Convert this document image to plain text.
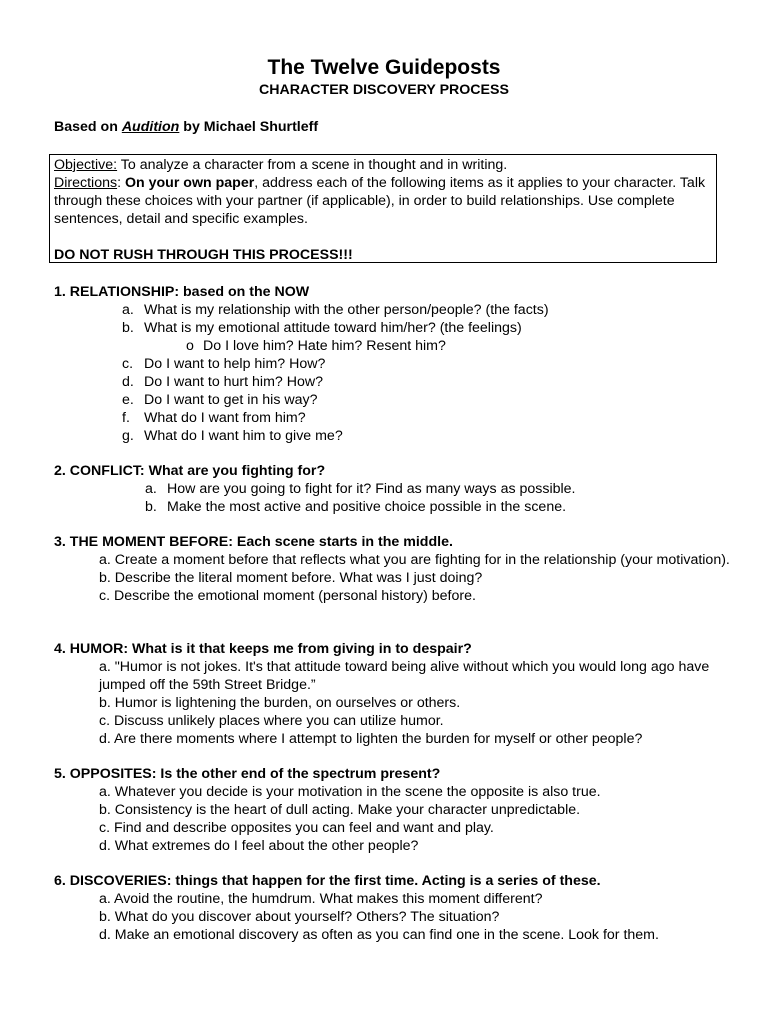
The Twelve Guideposts
CHARACTER DISCOVERY PROCESS
Based on Audition by Michael Shurtleff
Objective: To analyze a character from a scene in thought and in writing.
Directions: On your own paper, address each of the following items as it applies to your character. Talk through these choices with your partner (if applicable), in order to build relationships. Use complete sentences, detail and specific examples.
DO NOT RUSH THROUGH THIS PROCESS!!!
1. RELATIONSHIP: based on the NOW
a. What is my relationship with the other person/people? (the facts)
b. What is my emotional attitude toward him/her? (the feelings)
o Do I love him? Hate him? Resent him?
c. Do I want to help him? How?
d. Do I want to hurt him? How?
e. Do I want to get in his way?
f. What do I want from him?
g. What do I want him to give me?
2. CONFLICT: What are you fighting for?
a. How are you going to fight for it? Find as many ways as possible.
b. Make the most active and positive choice possible in the scene.
3. THE MOMENT BEFORE: Each scene starts in the middle.
a. Create a moment before that reflects what you are fighting for in the relationship (your motivation).
b. Describe the literal moment before. What was I just doing?
c. Describe the emotional moment (personal history) before.
4. HUMOR: What is it that keeps me from giving in to despair?
a. "Humor is not jokes. It's that attitude toward being alive without which you would long ago have jumped off the 59th Street Bridge.”
b. Humor is lightening the burden, on ourselves or others.
c. Discuss unlikely places where you can utilize humor.
d. Are there moments where I attempt to lighten the burden for myself or other people?
5. OPPOSITES: Is the other end of the spectrum present?
a. Whatever you decide is your motivation in the scene the opposite is also true.
b. Consistency is the heart of dull acting. Make your character unpredictable.
c. Find and describe opposites you can feel and want and play.
d. What extremes do I feel about the other people?
6. DISCOVERIES: things that happen for the first time. Acting is a series of these.
a. Avoid the routine, the humdrum. What makes this moment different?
b. What do you discover about yourself? Others? The situation?
d. Make an emotional discovery as often as you can find one in the scene. Look for them.
